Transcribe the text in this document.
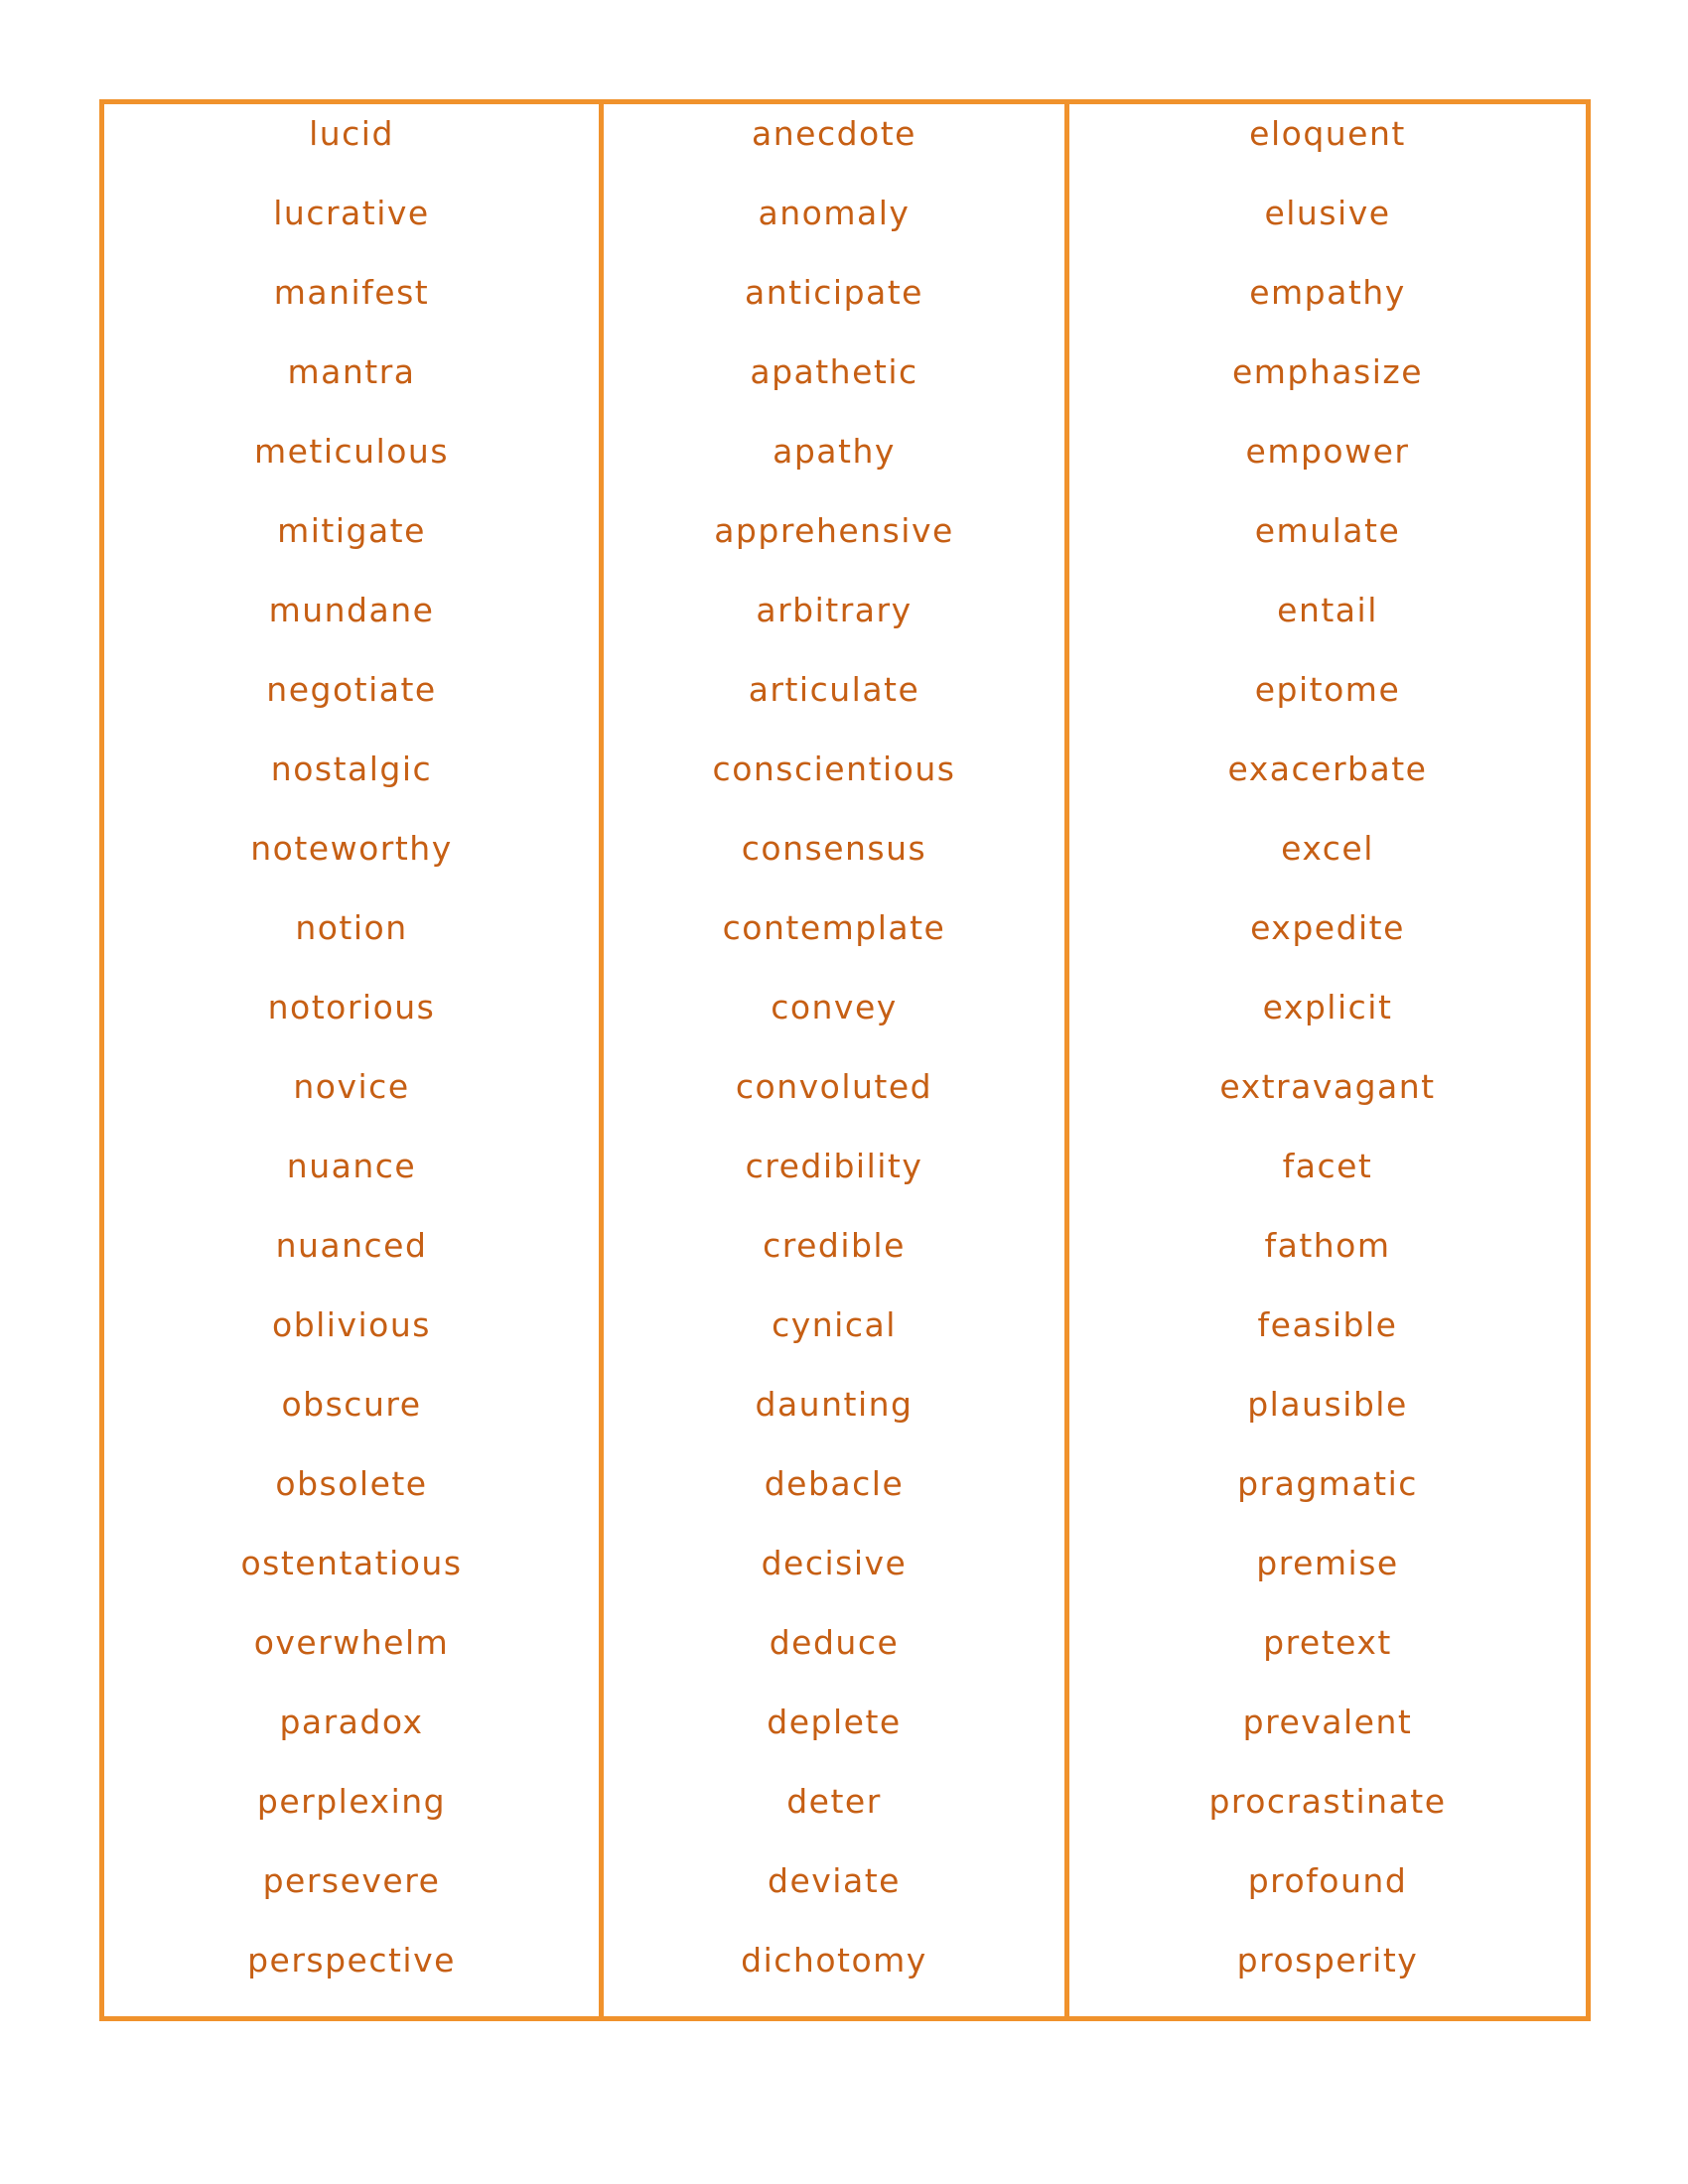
lucid
lucrative
manifest
mantra
meticulous
mitigate
mundane
negotiate
nostalgic
noteworthy
notion
notorious
novice
nuance
nuanced
oblivious
obscure
obsolete
ostentatious
overwhelm
paradox
perplexing
persevere
perspective
anecdote
anomaly
anticipate
apathetic
apathy
apprehensive
arbitrary
articulate
conscientious
consensus
contemplate
convey
convoluted
credibility
credible
cynical
daunting
debacle
decisive
deduce
deplete
deter
deviate
dichotomy
eloquent
elusive
empathy
emphasize
empower
emulate
entail
epitome
exacerbate
excel
expedite
explicit
extravagant
facet
fathom
feasible
plausible
pragmatic
premise
pretext
prevalent
procrastinate
profound
prosperity
